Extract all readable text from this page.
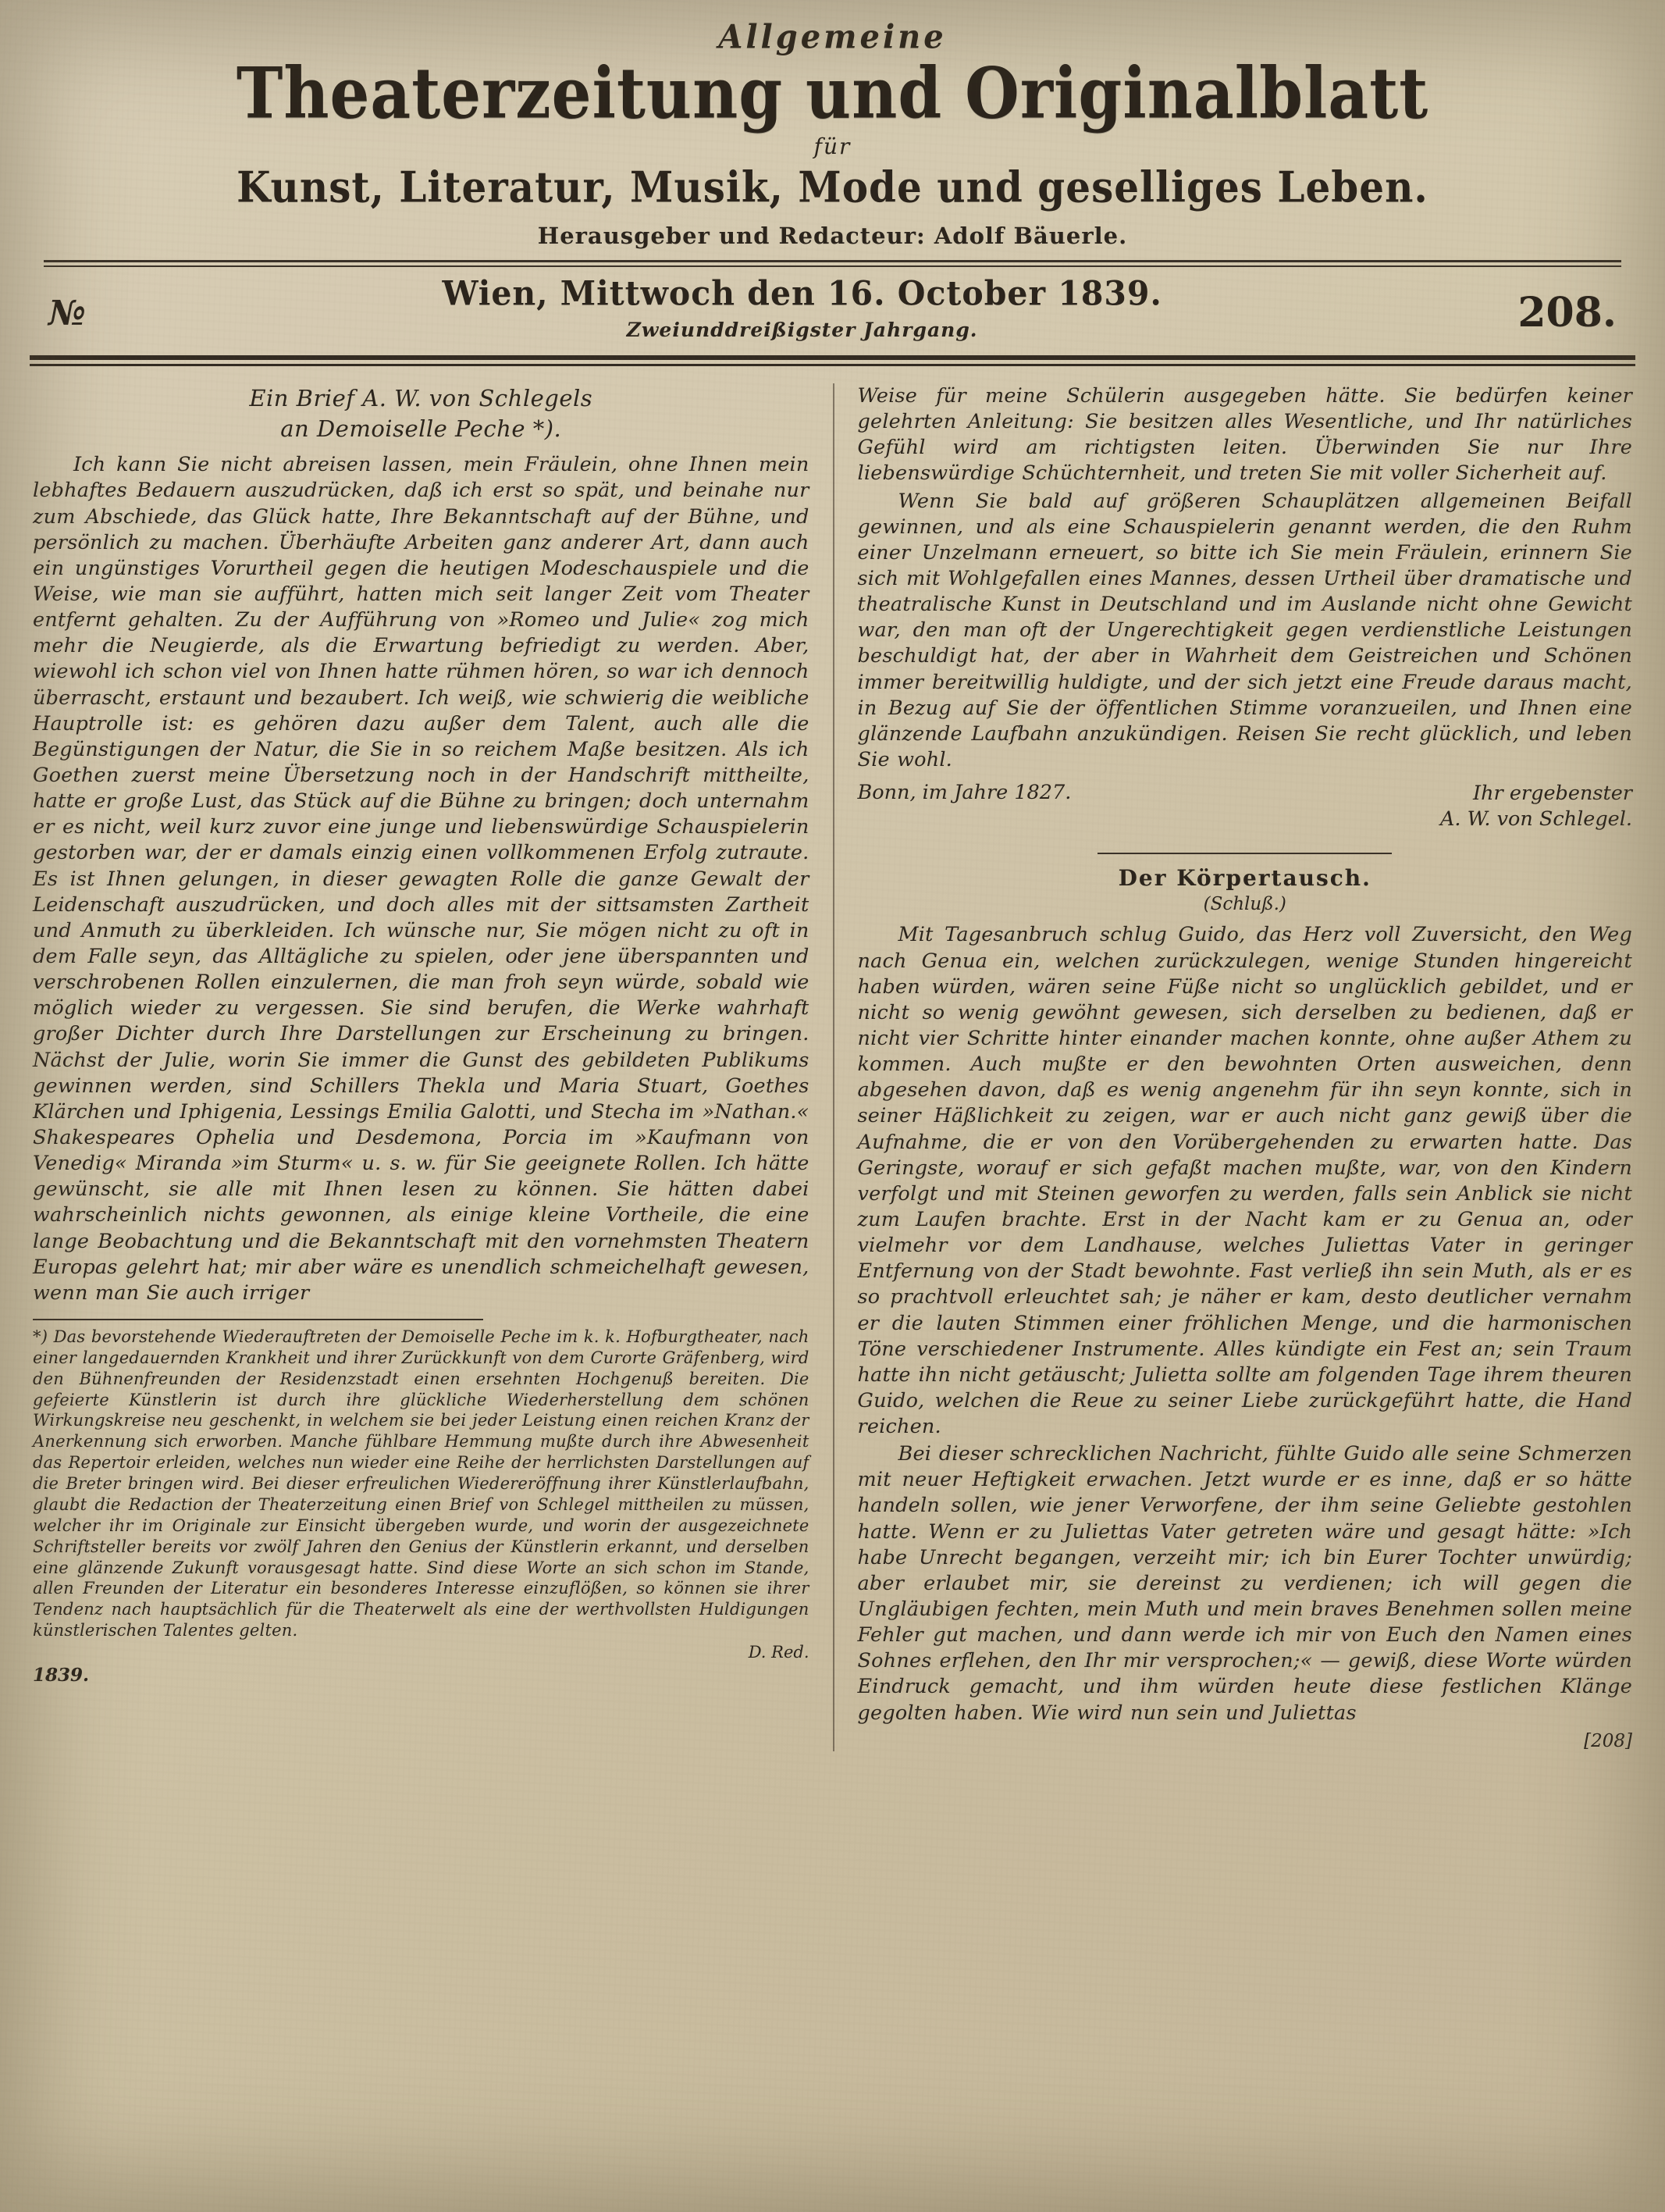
Allgemeine
Theaterzeitung und Originalblatt
für
Kunst, Literatur, Musik, Mode und geselliges Leben.
Herausgeber und Redacteur: Adolf Bäuerle.
№	Wien, Mittwoch den 16. October 1839.
Zweiunddreißigster Jahrgang.	208.
Ein Brief A. W. von Schlegels
an Demoiselle Peche *).

Ich kann Sie nicht abreisen lassen, mein Fräulein, ohne Ihnen mein lebhaftes Bedauern auszudrücken, daß ich erst so spät, und beinahe nur zum Abschiede, das Glück hatte, Ihre Bekanntschaft auf der Bühne, und persönlich zu machen. Überhäufte Arbeiten ganz anderer Art, dann auch ein ungünstiges Vorurtheil gegen die heutigen Modeschauspiele und die Weise, wie man sie aufführt, hatten mich seit langer Zeit vom Theater entfernt gehalten. Zu der Aufführung von »Romeo und Julie« zog mich mehr die Neugierde, als die Erwartung befriedigt zu werden. Aber, wiewohl ich schon viel von Ihnen hatte rühmen hören, so war ich dennoch überrascht, erstaunt und bezaubert. Ich weiß, wie schwierig die weibliche Hauptrolle ist: es gehören dazu außer dem Talent, auch alle die Begünstigungen der Natur, die Sie in so reichem Maße besitzen. Als ich Goethen zuerst meine Übersetzung noch in der Handschrift mittheilte, hatte er große Lust, das Stück auf die Bühne zu bringen; doch unternahm er es nicht, weil kurz zuvor eine junge und liebenswürdige Schauspielerin gestorben war, der er damals einzig einen vollkommenen Erfolg zutraute. Es ist Ihnen gelungen, in dieser gewagten Rolle die ganze Gewalt der Leidenschaft auszudrücken, und doch alles mit der sittsamsten Zartheit und Anmuth zu überkleiden. Ich wünsche nur, Sie mögen nicht zu oft in dem Falle seyn, das Alltägliche zu spielen, oder jene überspannten und verschrobenen Rollen einzulernen, die man froh seyn würde, sobald wie möglich wieder zu vergessen. Sie sind berufen, die Werke wahrhaft großer Dichter durch Ihre Darstellungen zur Erscheinung zu bringen. Nächst der Julie, worin Sie immer die Gunst des gebildeten Publikums gewinnen werden, sind Schillers Thekla und Maria Stuart, Goethes Klärchen und Iphigenia, Lessings Emilia Galotti, und Stecha im »Nathan.« Shakespeares Ophelia und Desdemona, Porcia im »Kaufmann von Venedig« Miranda »im Sturm« u. s. w. für Sie geeignete Rollen. Ich hätte gewünscht, sie alle mit Ihnen lesen zu können. Sie hätten dabei wahrscheinlich nichts gewonnen, als einige kleine Vortheile, die eine lange Beobachtung und die Bekanntschaft mit den vornehmsten Theatern Europas gelehrt hat; mir aber wäre es unendlich schmeichelhaft gewesen, wenn man Sie auch irriger

*) Das bevorstehende Wiederauftreten der Demoiselle Peche im k. k. Hofburgtheater, nach einer langedauernden Krankheit und ihrer Zurückkunft von dem Curorte Gräfenberg, wird den Bühnenfreunden der Residenzstadt einen ersehnten Hochgenuß bereiten. Die gefeierte Künstlerin ist durch ihre glückliche Wiederherstellung dem schönen Wirkungskreise neu geschenkt, in welchem sie bei jeder Leistung einen reichen Kranz der Anerkennung sich erworben. Manche fühlbare Hemmung mußte durch ihre Abwesenheit das Repertoir erleiden, welches nun wieder eine Reihe der herrlichsten Darstellungen auf die Breter bringen wird. Bei dieser erfreulichen Wiedereröffnung ihrer Künstlerlaufbahn, glaubt die Redaction der Theaterzeitung einen Brief von Schlegel mittheilen zu müssen, welcher ihr im Originale zur Einsicht übergeben wurde, und worin der ausgezeichnete Schriftsteller bereits vor zwölf Jahren den Genius der Künstlerin erkannt, und derselben eine glänzende Zukunft vorausgesagt hatte. Sind diese Worte an sich schon im Stande, allen Freunden der Literatur ein besonderes Interesse einzuflößen, so können sie ihrer Tendenz nach hauptsächlich für die Theaterwelt als eine der werthvollsten Huldigungen künstlerischen Talentes gelten.

D. Red.
1839.

Weise für meine Schülerin ausgegeben hätte. Sie bedürfen keiner gelehrten Anleitung: Sie besitzen alles Wesentliche, und Ihr natürliches Gefühl wird am richtigsten leiten. Überwinden Sie nur Ihre liebenswürdige Schüchternheit, und treten Sie mit voller Sicherheit auf.

Wenn Sie bald auf größeren Schauplätzen allgemeinen Beifall gewinnen, und als eine Schauspielerin genannt werden, die den Ruhm einer Unzelmann erneuert, so bitte ich Sie mein Fräulein, erinnern Sie sich mit Wohlgefallen eines Mannes, dessen Urtheil über dramatische und theatralische Kunst in Deutschland und im Auslande nicht ohne Gewicht war, den man oft der Ungerechtigkeit gegen verdienstliche Leistungen beschuldigt hat, der aber in Wahrheit dem Geistreichen und Schönen immer bereitwillig huldigte, und der sich jetzt eine Freude daraus macht, in Bezug auf Sie der öffentlichen Stimme voranzueilen, und Ihnen eine glänzende Laufbahn anzukündigen. Reisen Sie recht glücklich, und leben Sie wohl.

Bonn, im Jahre 1827.	Ihr ergebenster
A. W. von Schlegel.
Der Körpertausch.
(Schluß.)

Mit Tagesanbruch schlug Guido, das Herz voll Zuversicht, den Weg nach Genua ein, welchen zurückzulegen, wenige Stunden hingereicht haben würden, wären seine Füße nicht so unglücklich gebildet, und er nicht so wenig gewöhnt gewesen, sich derselben zu bedienen, daß er nicht vier Schritte hinter einander machen konnte, ohne außer Athem zu kommen. Auch mußte er den bewohnten Orten ausweichen, denn abgesehen davon, daß es wenig angenehm für ihn seyn konnte, sich in seiner Häßlichkeit zu zeigen, war er auch nicht ganz gewiß über die Aufnahme, die er von den Vorübergehenden zu erwarten hatte. Das Geringste, worauf er sich gefaßt machen mußte, war, von den Kindern verfolgt und mit Steinen geworfen zu werden, falls sein Anblick sie nicht zum Laufen brachte. Erst in der Nacht kam er zu Genua an, oder vielmehr vor dem Landhause, welches Juliettas Vater in geringer Entfernung von der Stadt bewohnte. Fast verließ ihn sein Muth, als er es so prachtvoll erleuchtet sah; je näher er kam, desto deutlicher vernahm er die lauten Stimmen einer fröhlichen Menge, und die harmonischen Töne verschiedener Instrumente. Alles kündigte ein Fest an; sein Traum hatte ihn nicht getäuscht; Julietta sollte am folgenden Tage ihrem theuren Guido, welchen die Reue zu seiner Liebe zurückgeführt hatte, die Hand reichen.

Bei dieser schrecklichen Nachricht, fühlte Guido alle seine Schmerzen mit neuer Heftigkeit erwachen. Jetzt wurde er es inne, daß er so hätte handeln sollen, wie jener Verworfene, der ihm seine Geliebte gestohlen hatte. Wenn er zu Juliettas Vater getreten wäre und gesagt hätte: »Ich habe Unrecht begangen, verzeiht mir; ich bin Eurer Tochter unwürdig; aber erlaubet mir, sie dereinst zu verdienen; ich will gegen die Ungläubigen fechten, mein Muth und mein braves Benehmen sollen meine Fehler gut machen, und dann werde ich mir von Euch den Namen eines Sohnes erflehen, den Ihr mir versprochen;« — gewiß, diese Worte würden Eindruck gemacht, und ihm würden heute diese festlichen Klänge gegolten haben. Wie wird nun sein und Juliettas

[208]
